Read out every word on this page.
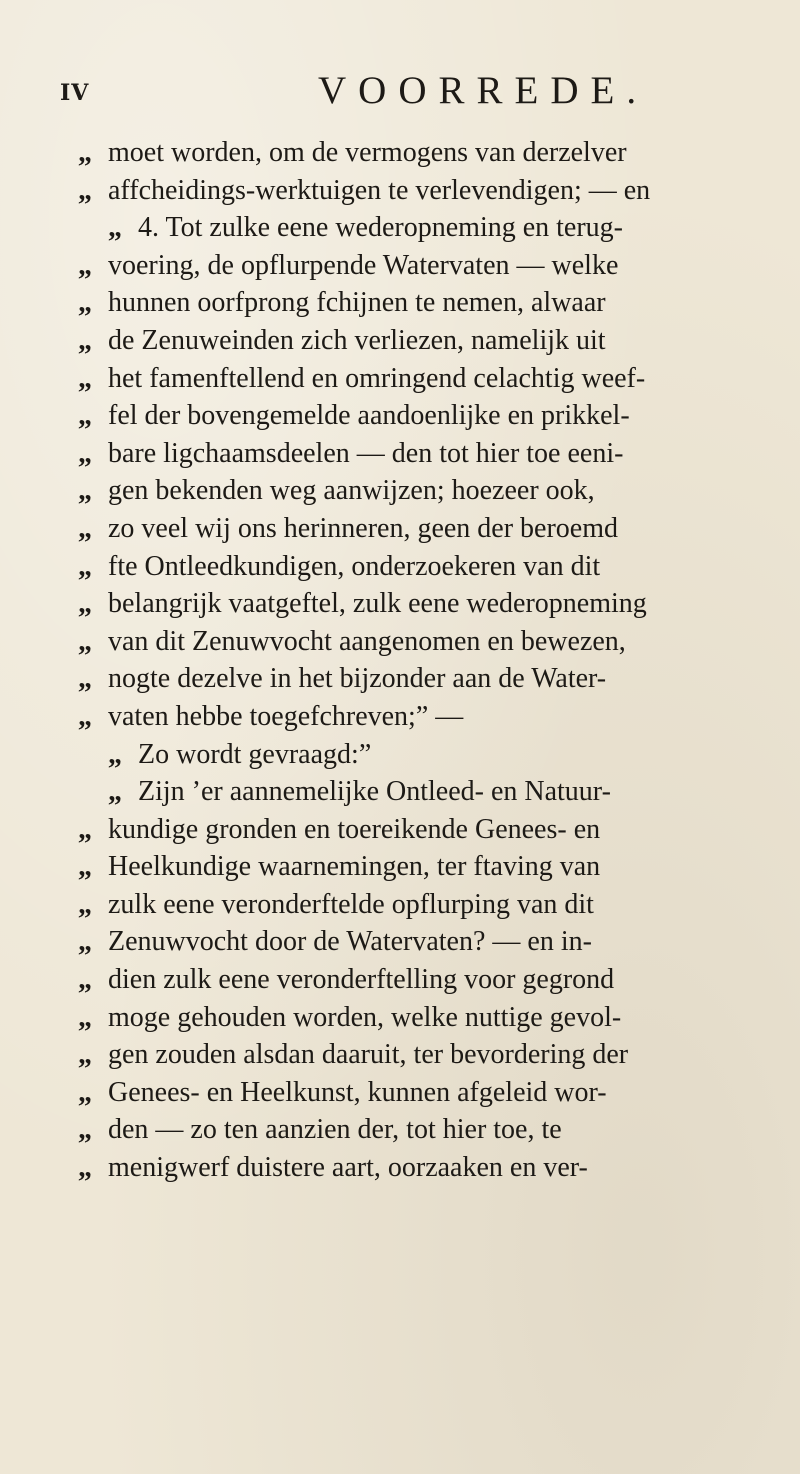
IV	VOORREDE.
„ moet worden, om de vermogens van derzelver
„ affcheidings-werktuigen te verlevendigen; — en
„ 4. Tot zulke eene wederopneming en terug-
„ voering, de opflurpende Watervaten — welke
„ hunnen oorfprong fchijnen te nemen, alwaar
„ de Zenuweinden zich verliezen, namelijk uit
„ het famenftellend en omringend celachtig weef-
„ fel der bovengemelde aandoenlijke en prikkel-
„ bare ligchaamsdeelen — den tot hier toe eeni-
„ gen bekenden weg aanwijzen; hoezeer ook,
„ zo veel wij ons herinneren, geen der beroemd
„ fte Ontleedkundigen, onderzoekeren van dit
„ belangrijk vaatgeftel, zulk eene wederopneming
„ van dit Zenuwvocht aangenomen en bewezen,
„ nogte dezelve in het bijzonder aan de Water-
„ vaten hebbe toegefchreven;” —
„ Zo wordt gevraagd:”
„ Zijn ’er aannemelijke Ontleed- en Natuur-
„ kundige gronden en toereikende Genees- en
„ Heelkundige waarnemingen, ter ftaving van
„ zulk eene veronderftelde opflurping van dit
„ Zenuwvocht door de Watervaten? — en in-
„ dien zulk eene veronderftelling voor gegrond
„ moge gehouden worden, welke nuttige gevol-
„ gen zouden alsdan daaruit, ter bevordering der
„ Genees- en Heelkunst, kunnen afgeleid wor-
„ den — zo ten aanzien der, tot hier toe, te
„ menigwerf duistere aart, oorzaaken en ver-
